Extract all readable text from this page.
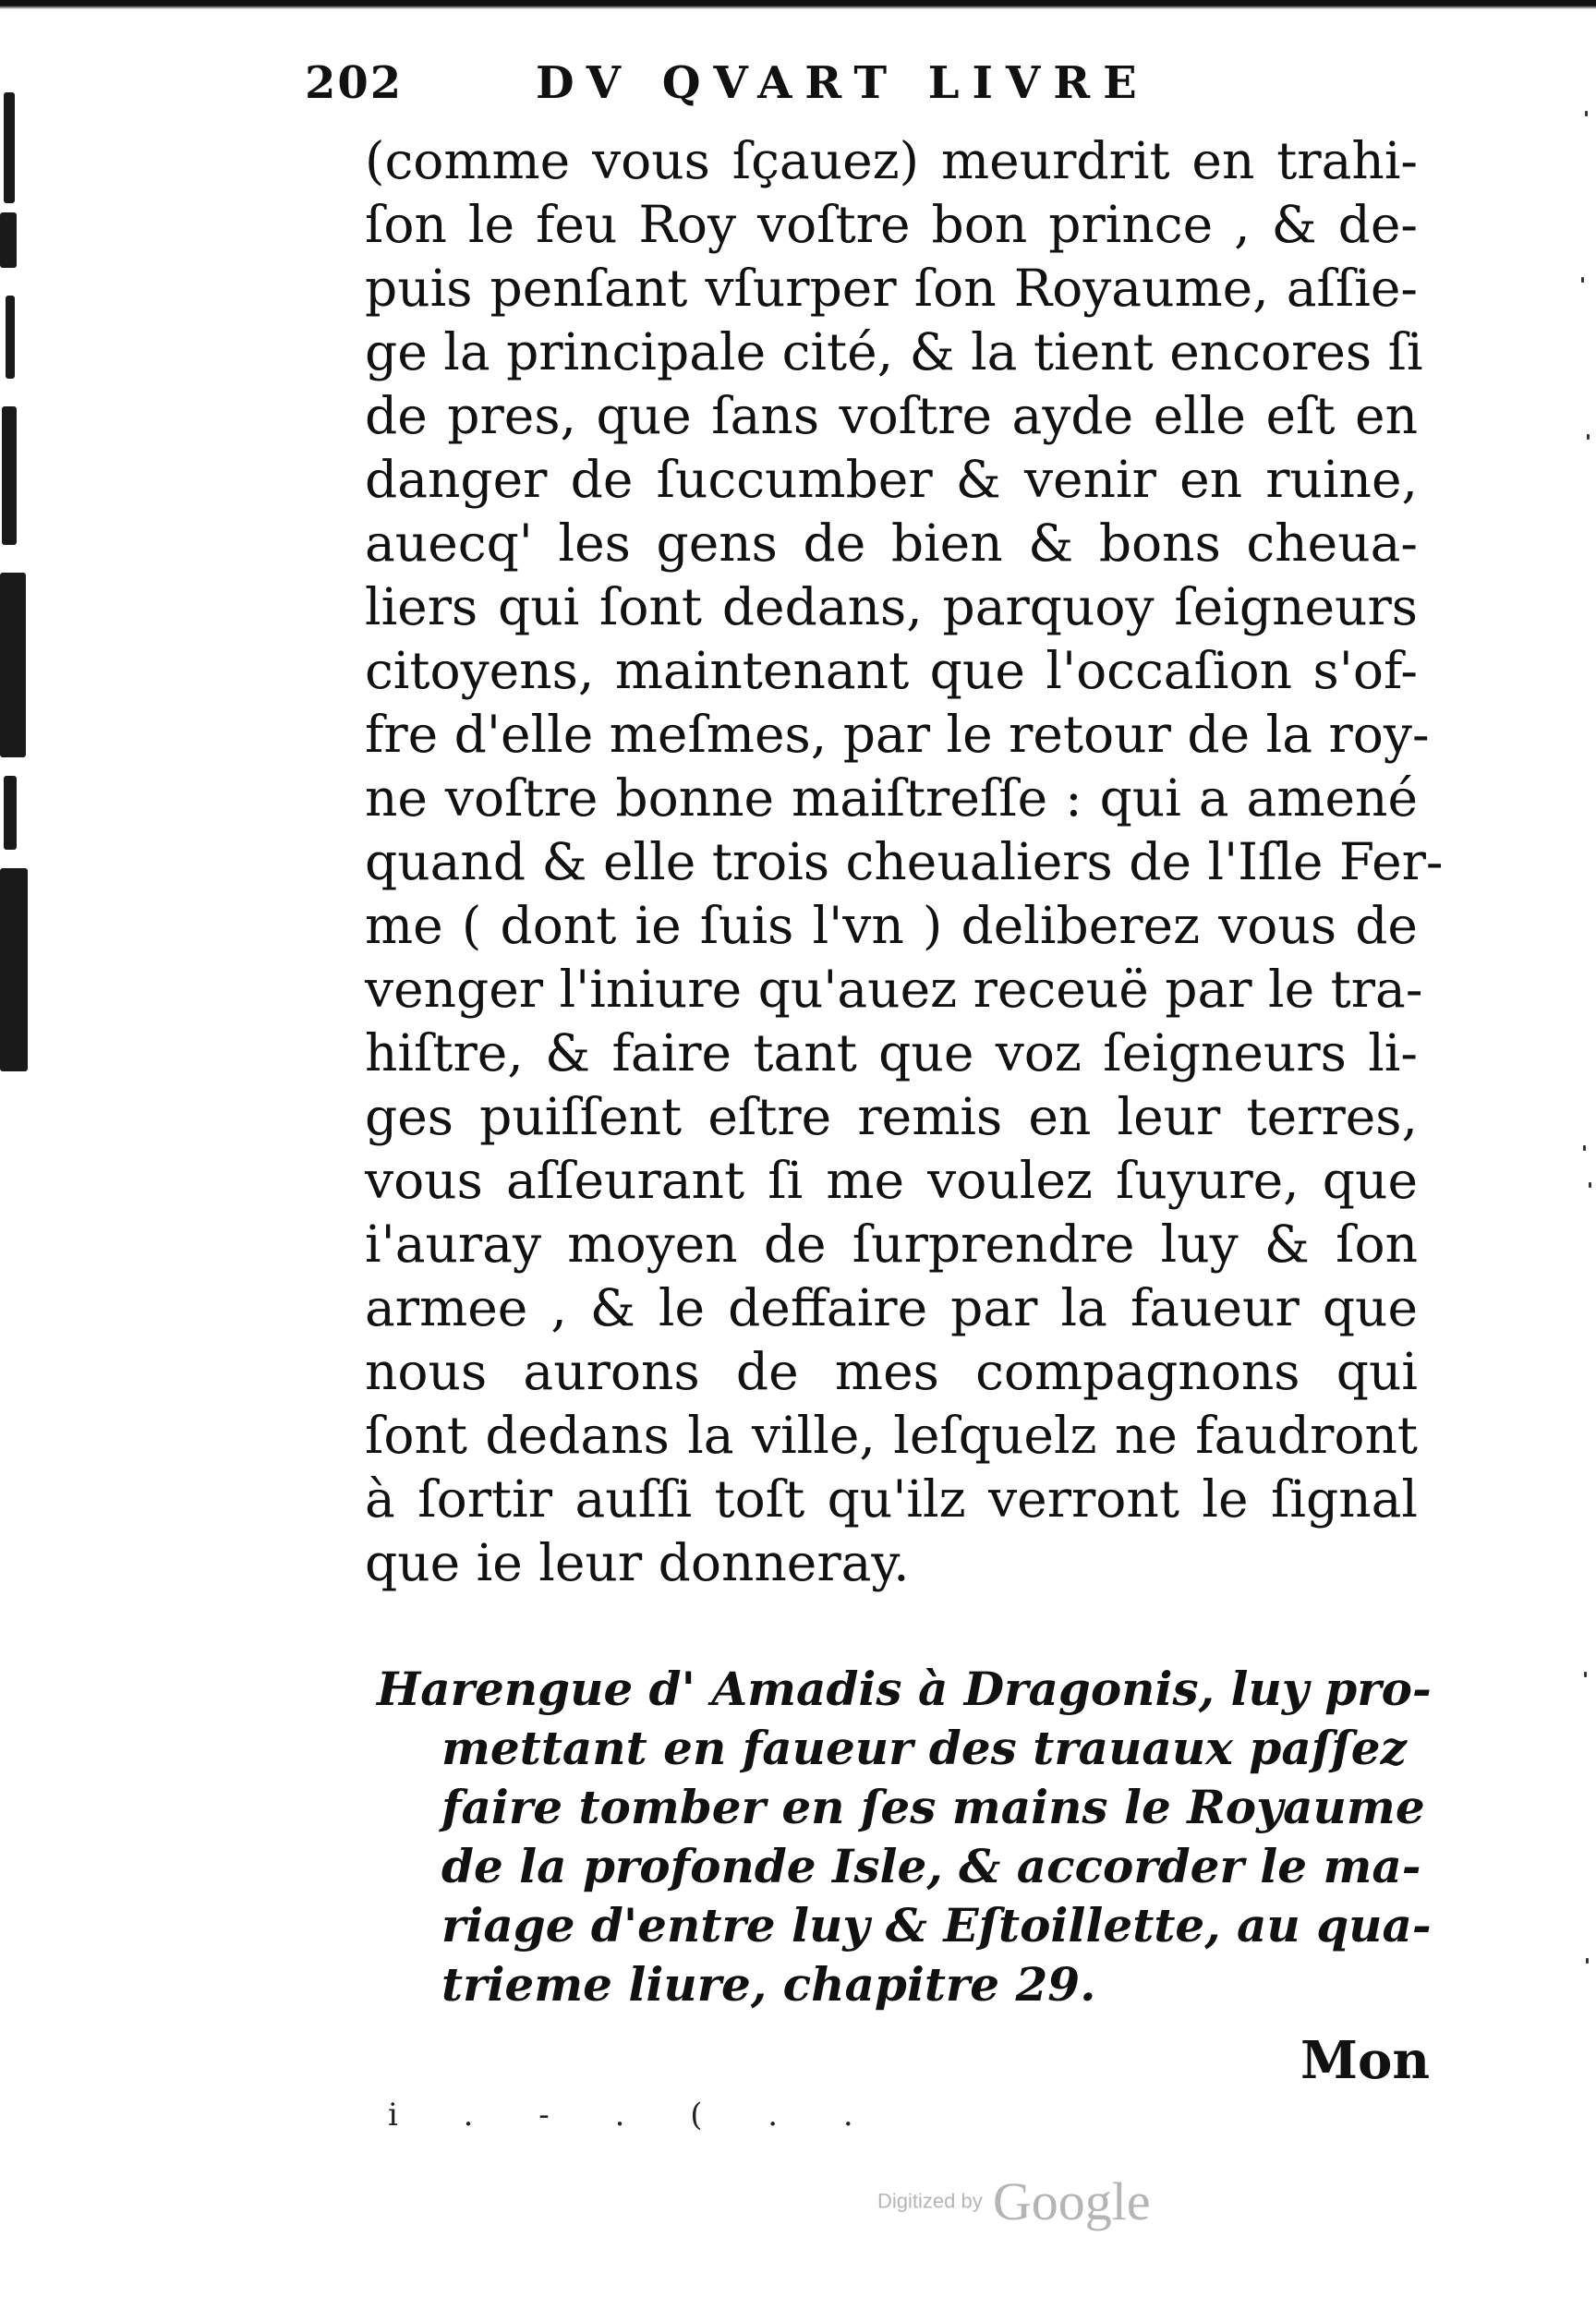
202	DV QVART LIVRE
(comme vous ſçauez) meurdrit en trahi-
ſon le feu Roy voſtre bon prince , & de-
puis penſant vſurper ſon Royaume, aſſie-
ge la principale cité, & la tient encores ſi
de pres, que ſans voſtre ayde elle eſt en
danger de ſuccumber & venir en ruine,
auecq' les gens de bien & bons cheua-
liers qui ſont dedans, parquoy ſeigneurs
citoyens, maintenant que l'occaſion s'of-
fre d'elle meſmes, par le retour de la roy-
ne voſtre bonne maiſtreſſe : qui a amené
quand & elle trois cheualiers de l'Iſle Fer-
me ( dont ie ſuis l'vn ) deliberez vous de
venger l'iniure qu'auez receuë par le tra-
hiſtre, & faire tant que voz ſeigneurs li-
ges puiſſent eſtre remis en leur terres,
vous aſſeurant ſi me voulez ſuyure, que
i'auray moyen de ſurprendre luy & ſon
armee , & le deffaire par la faueur que
nous aurons de mes compagnons qui
ſont dedans la ville, leſquelz ne faudront
à ſortir auſſi toſt qu'ilz verront le ſignal
que ie leur donneray.
Harengue d' Amadis à Dragonis, luy pro-
mettant en faueur des trauaux paſſez
faire tomber en ſes mains le Royaume
de la profonde Isle, & accorder le ma-
riage d'entre luy & Eſtoillette, au qua-
trieme liure, chapitre 29.
Mon
i . - . ( . .
Digitized by Google
